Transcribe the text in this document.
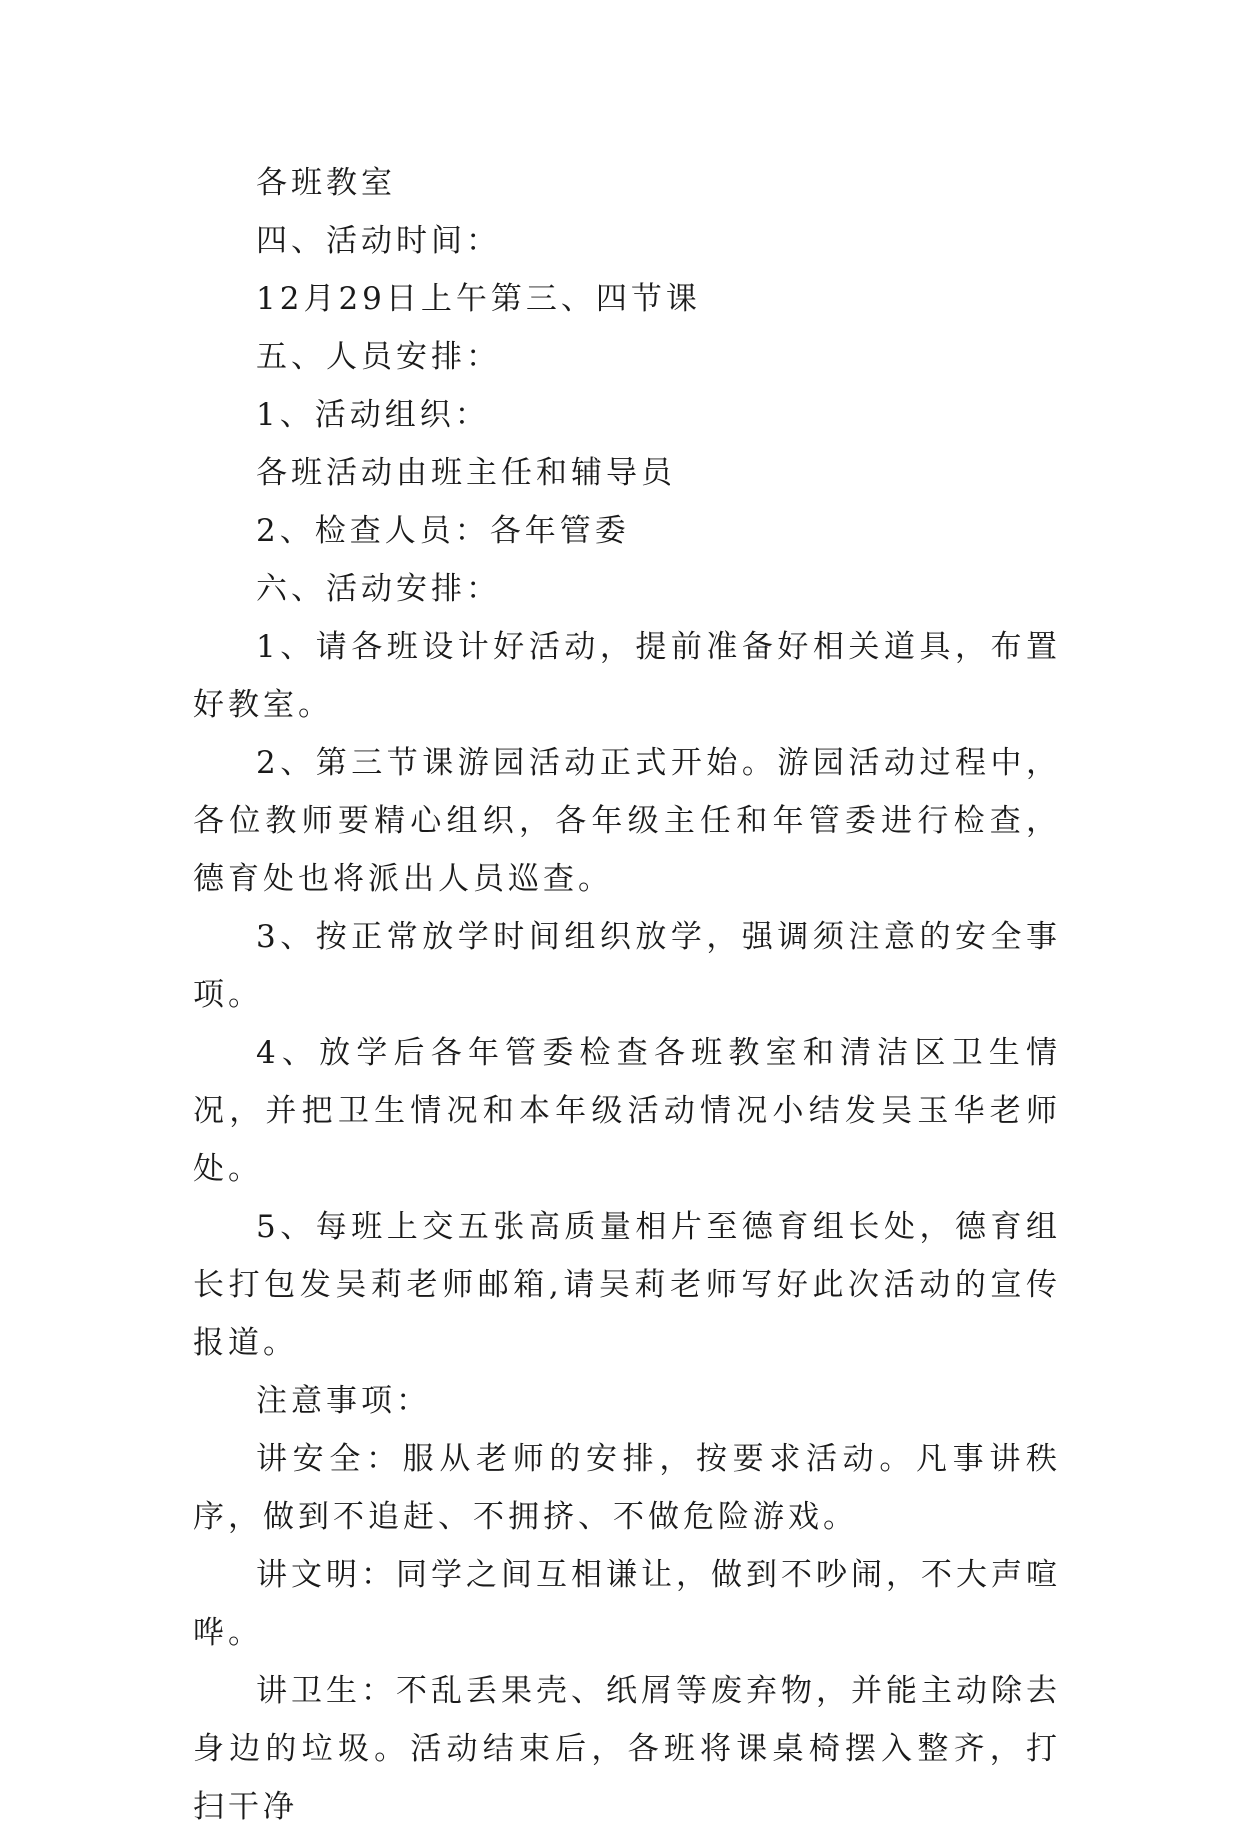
各班教室

四、活动时间：

12月29日上午第三、四节课

五、人员安排：

1、活动组织：

各班活动由班主任和辅导员

2、检查人员：各年管委

六、活动安排：

1、请各班设计好活动，提前准备好相关道具，布置好教室。

2、第三节课游园活动正式开始。游园活动过程中，各位教师要精心组织，各年级主任和年管委进行检查，德育处也将派出人员巡查。

3、按正常放学时间组织放学，强调须注意的安全事项。

4、放学后各年管委检查各班教室和清洁区卫生情况，并把卫生情况和本年级活动情况小结发吴玉华老师处。

5、每班上交五张高质量相片至德育组长处，德育组长打包发吴莉老师邮箱,请吴莉老师写好此次活动的宣传报道。

注意事项：

讲安全：服从老师的安排，按要求活动。凡事讲秩序，做到不追赶、不拥挤、不做危险游戏。

讲文明：同学之间互相谦让，做到不吵闹，不大声喧哗。

讲卫生：不乱丢果壳、纸屑等废弃物，并能主动除去身边的垃圾。活动结束后，各班将课桌椅摆入整齐，打扫干净
